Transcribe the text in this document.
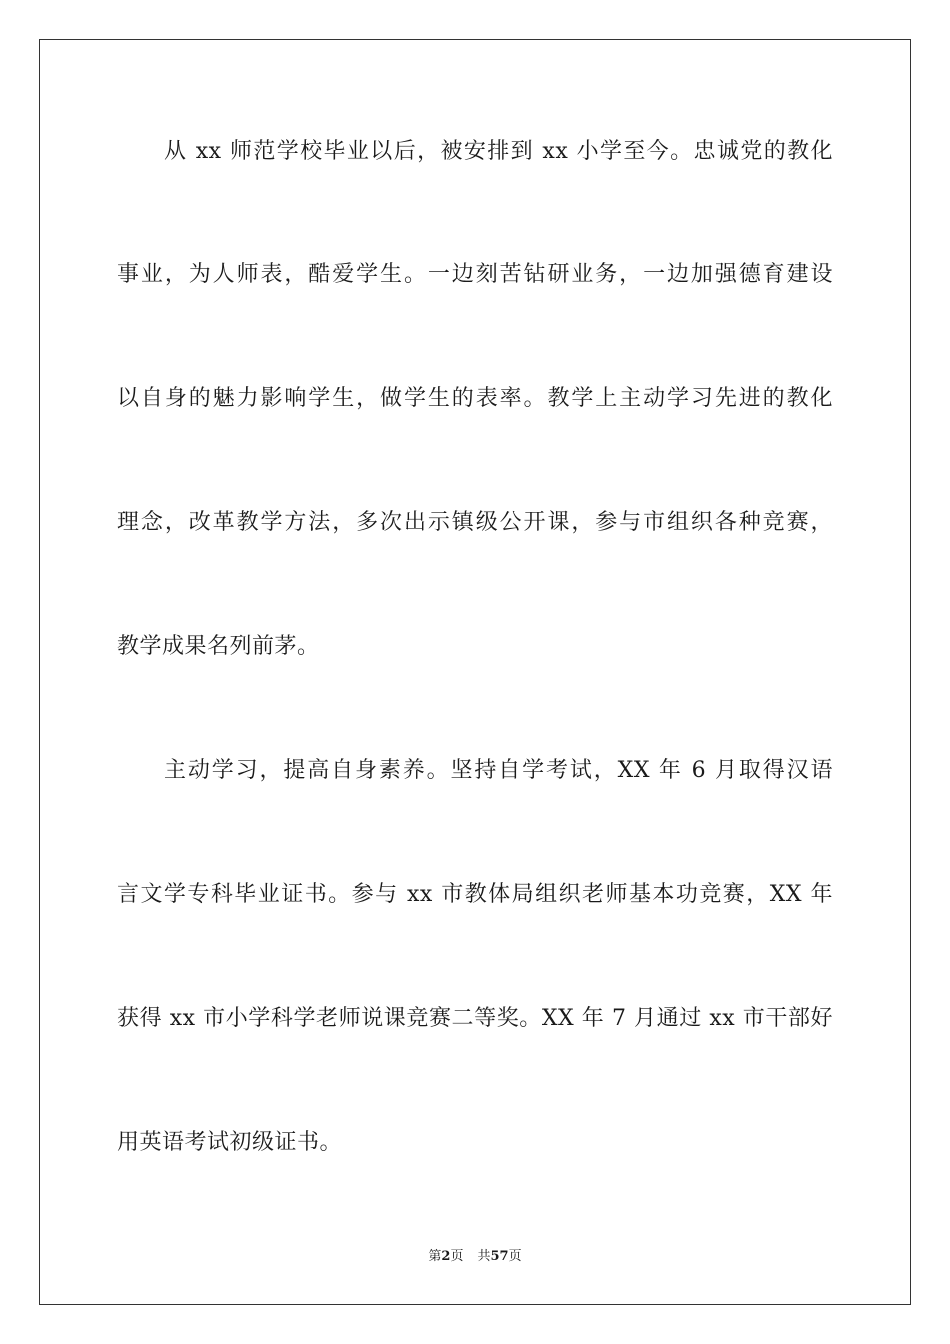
从 xx 师范学校毕业以后，被安排到 xx 小学至今。忠诚党的教化
事业，为人师表，酷爱学生。一边刻苦钻研业务，一边加强德育建设
以自身的魅力影响学生，做学生的表率。教学上主动学习先进的教化
理念，改革教学方法，多次出示镇级公开课，参与市组织各种竞赛，
教学成果名列前茅。
主动学习，提高自身素养。坚持自学考试，XX 年 6 月取得汉语
言文学专科毕业证书。参与 xx 市教体局组织老师基本功竞赛，XX 年
获得 xx 市小学科学老师说课竞赛二等奖。XX 年 7 月通过 xx 市干部好
用英语考试初级证书。
第2页 共57页
